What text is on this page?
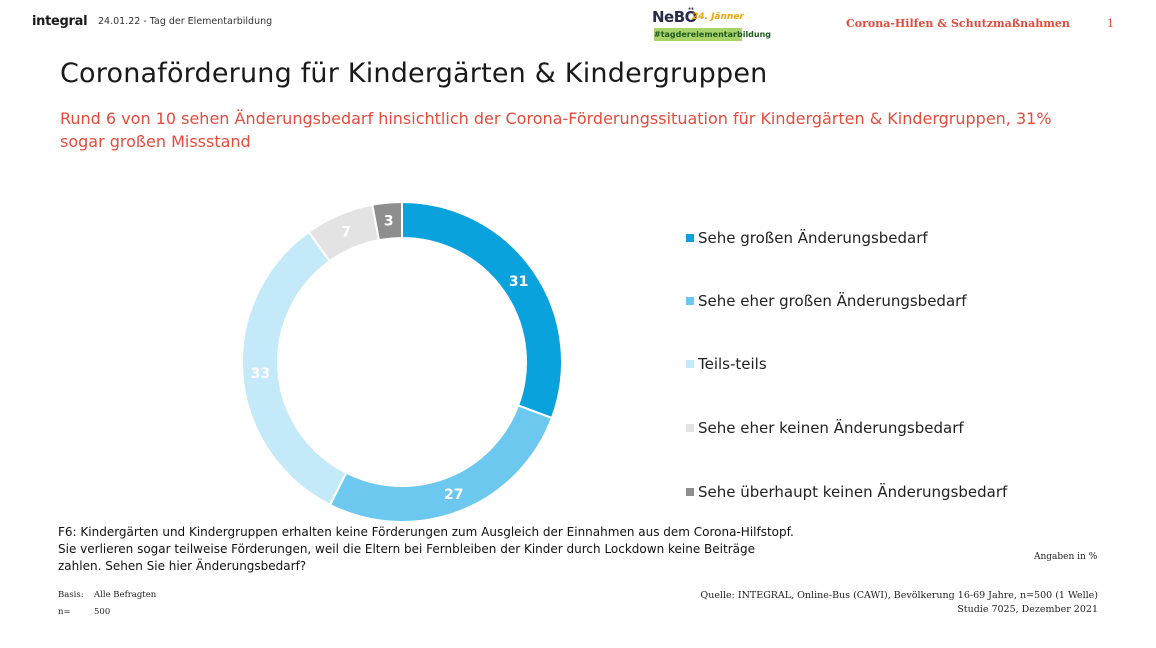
integral 24.01.22 - Tag der Elementarbildung	NeBÖ
24. Jänner
#tagderelementarbildung
Corona-Hilfen & Schutzmaßnahmen	1
Coronaförderung für Kindergärten & Kindergruppen
Rund 6 von 10 sehen Änderungsbedarf hinsichtlich der Corona-Förderungssituation für Kindergärten & Kindergruppen, 31% sogar großen Missstand
31
27
33
7
3
Sehe großen Änderungsbedarf
Sehe eher großen Änderungsbedarf
Teils-teils
Sehe eher keinen Änderungsbedarf
Sehe überhaupt keinen Änderungsbedarf
F6: Kindergärten und Kindergruppen erhalten keine Förderungen zum Ausgleich der Einnahmen aus dem Corona-Hilfstopf. Sie verlieren sogar teilweise Förderungen, weil die Eltern bei Fernbleiben der Kinder durch Lockdown keine Beiträge zahlen. Sehen Sie hier Änderungsbedarf?
Angaben in %
Basis: Alle Befragten
n=	500
Quelle: INTEGRAL, Online-Bus (CAWI), Bevölkerung 16-69 Jahre, n=500 (1 Welle)
Studie 7025, Dezember 2021
